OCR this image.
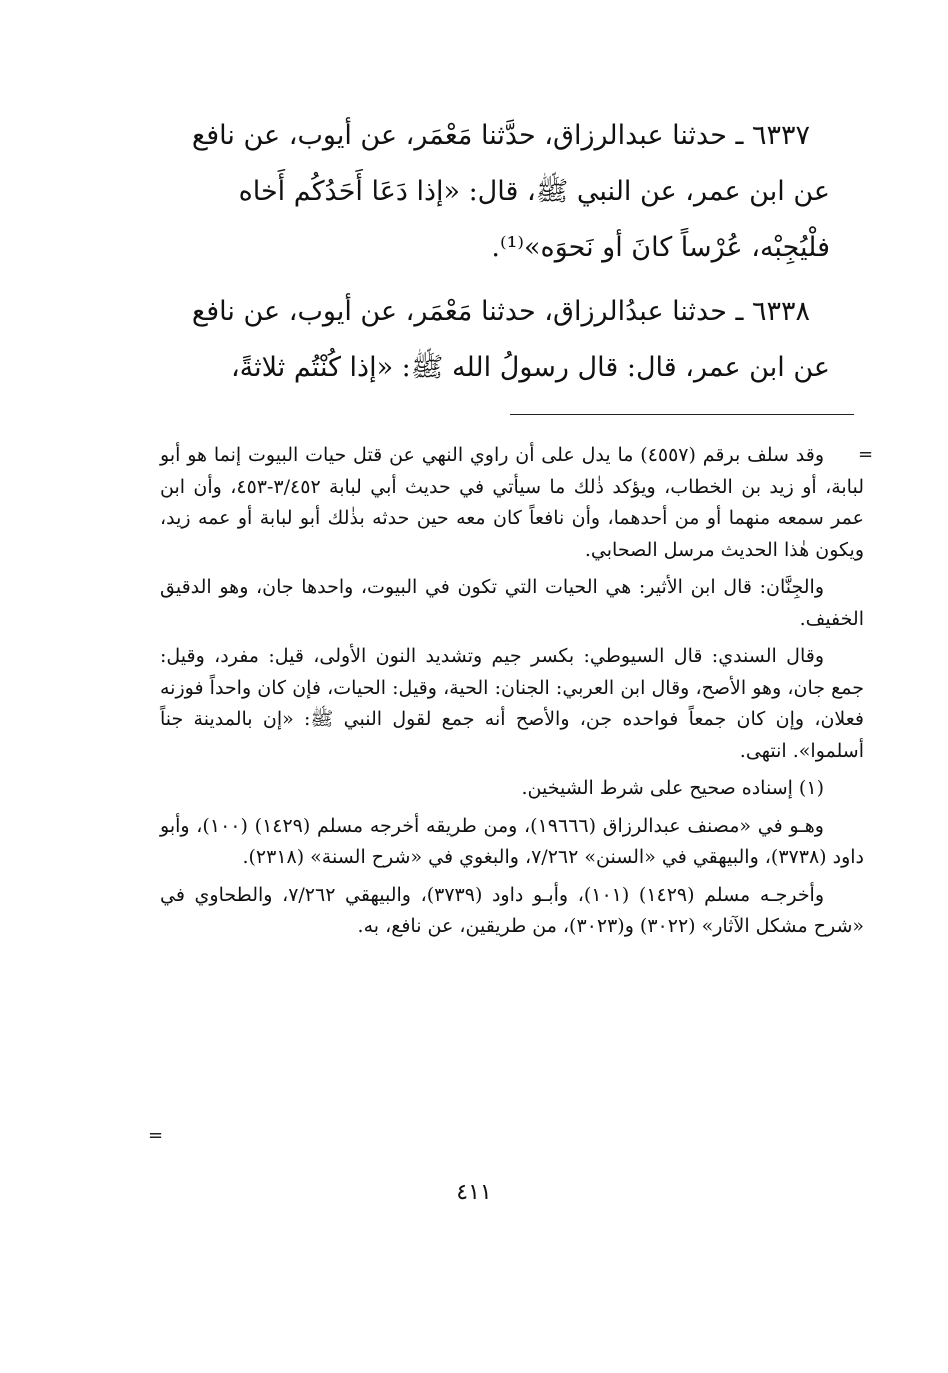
٦٣٣٧ ـ حدثنا عبدالرزاق، حدَّثنا مَعْمَر، عن أيوب، عن نافع
عن ابن عمر، عن النبي ﷺ، قال: «إذا دَعَا أَحَدُكُم أَخاه
فلْيُجِبْه، عُرْساً كانَ أو نَحوَه»⁽¹⁾.

٦٣٣٨ ـ حدثنا عبدُالرزاق، حدثنا مَعْمَر، عن أيوب، عن نافع
عن ابن عمر، قال: قال رسولُ الله ﷺ: «إذا كُنْتُم ثلاثةً،

=

وقد سلف برقم (٤٥٥٧) ما يدل على أن راوي النهي عن قتل حيات البيوت إنما هو أبو لبابة، أو زيد بن الخطاب، ويؤكد ذٰلك ما سيأتي في حديث أبي لبابة ٣/٤٥٢-٤٥٣، وأن ابن عمر سمعه منهما أو من أحدهما، وأن نافعاً كان معه حين حدثه بذٰلك أبو لبابة أو عمه زيد، ويكون هٰذا الحديث مرسل الصحابي.

والجِنَّان: قال ابن الأثير: هي الحيات التي تكون في البيوت، واحدها جان، وهو الدقيق الخفيف.

وقال السندي: قال السيوطي: بكسر جيم وتشديد النون الأولى، قيل: مفرد، وقيل: جمع جان، وهو الأصح، وقال ابن العربي: الجنان: الحية، وقيل: الحيات، فإن كان واحداً فوزنه فعلان، وإن كان جمعاً فواحده جن، والأصح أنه جمع لقول النبي ﷺ: «إن بالمدينة جناً أسلموا». انتهى.

(١) إسناده صحيح على شرط الشيخين.

وهـو في «مصنف عبدالرزاق (١٩٦٦٦)، ومن طريقه أخرجه مسلم (١٤٢٩) (١٠٠)، وأبو داود (٣٧٣٨)، والبيهقي في «السنن» ٧/٢٦٢، والبغوي في «شرح السنة» (٢٣١٨).

وأخرجـه مسلم (١٤٢٩) (١٠١)، وأبـو داود (٣٧٣٩)، والبيهقي ٧/٢٦٢، والطحاوي في «شرح مشكل الآثار» (٣٠٢٢) و(٣٠٢٣)، من طريقين، عن نافع، به.

=
٤١١
